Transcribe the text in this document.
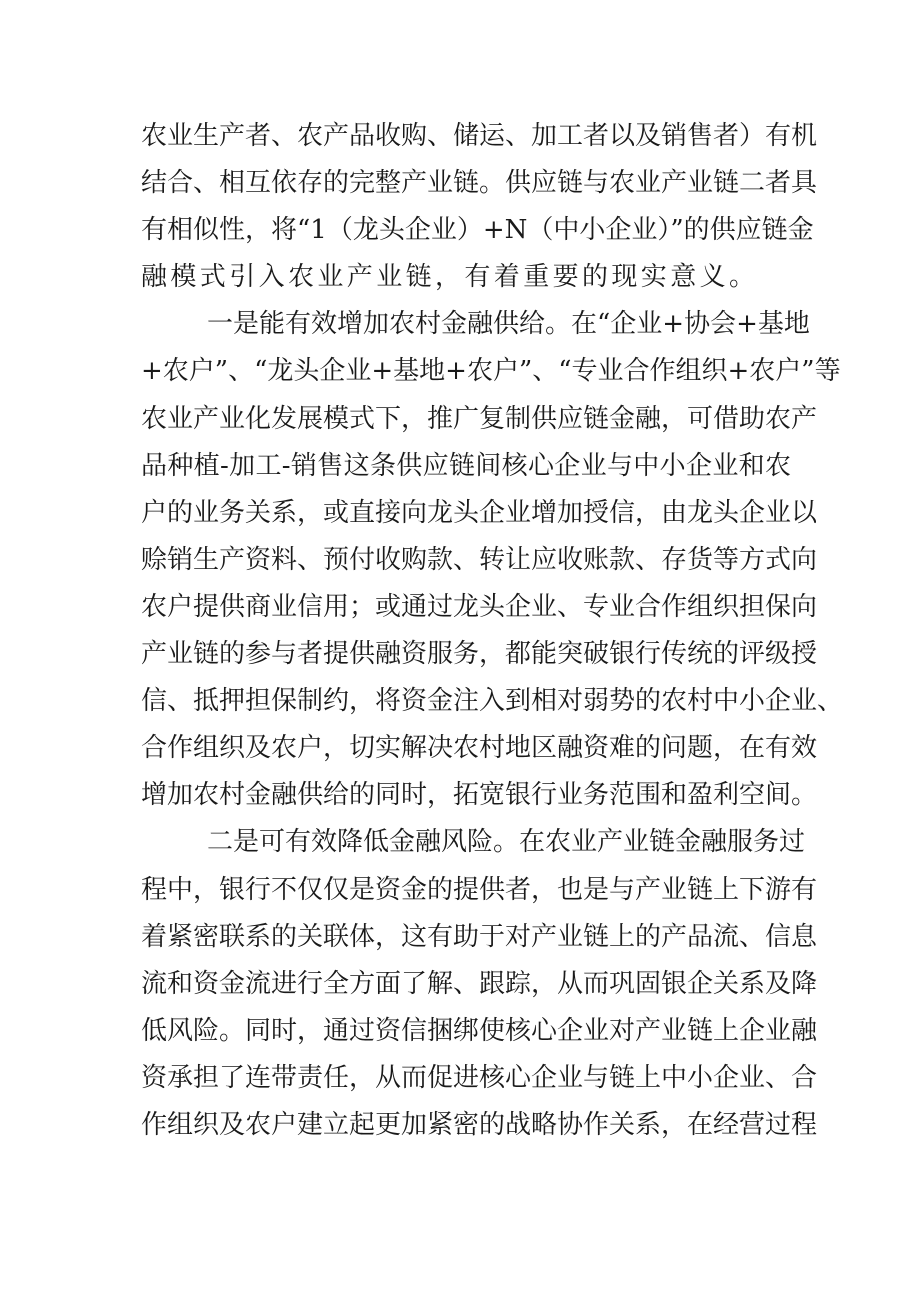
农业生产者、农产品收购、储运、加工者以及销售者）有机
结合、相互依存的完整产业链。供应链与农业产业链二者具
有相似性，将“1（龙头企业）+N（中小企业）”的供应链金
融模式引入农业产业链，有着重要的现实意义。
一是能有效增加农村金融供给。在“企业+协会+基地
+农户”、“龙头企业+基地+农户”、“专业合作组织+农户”等
农业产业化发展模式下，推广复制供应链金融，可借助农产
品种植-加工-销售这条供应链间核心企业与中小企业和农
户的业务关系，或直接向龙头企业增加授信，由龙头企业以
赊销生产资料、预付收购款、转让应收账款、存货等方式向
农户提供商业信用；或通过龙头企业、专业合作组织担保向
产业链的参与者提供融资服务，都能突破银行传统的评级授
信、抵押担保制约，将资金注入到相对弱势的农村中小企业、
合作组织及农户，切实解决农村地区融资难的问题，在有效
增加农村金融供给的同时，拓宽银行业务范围和盈利空间。
二是可有效降低金融风险。在农业产业链金融服务过
程中，银行不仅仅是资金的提供者，也是与产业链上下游有
着紧密联系的关联体，这有助于对产业链上的产品流、信息
流和资金流进行全方面了解、跟踪，从而巩固银企关系及降
低风险。同时，通过资信捆绑使核心企业对产业链上企业融
资承担了连带责任，从而促进核心企业与链上中小企业、合
作组织及农户建立起更加紧密的战略协作关系，在经营过程
